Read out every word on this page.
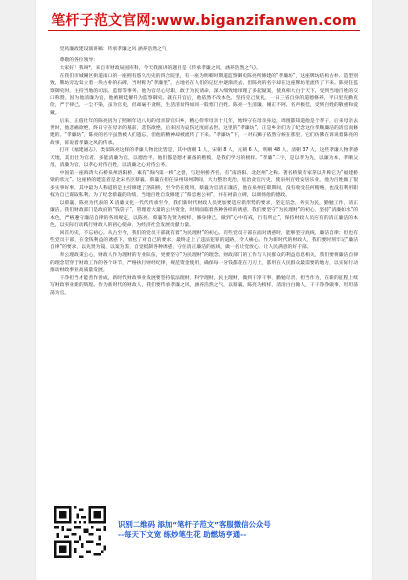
笔杆子范文官网:www.biganzifanwen.com

党风廉政建设演讲稿：传承孝廉之风 涵养浩然之气

尊敬的各位领导：

大家好！我叫*，来自市财政局国库科，今天我演讲的题目是《传承孝廉之风，涵养浩然之气》。

在我们市城阑区街道南口的一座拥有悠久历史的四合院里，有一座为明朝时期道监察御史陈亮所修建的“孝廉坊”，这座牌坊结构古朴、造型别致，牌坊旁边耸立着一块古朴的石碑，当时称为“孝廉里”。古地名在人们的记忆中逐渐淡去，但陈亮的名字却在这座牌坊里流传了下来。陈亮任监察御史时，主持当地的司法、监督等事务，他为官尽心尽职，敢于为民请命，深入细致地审理了多起疑案，使真相大白于天下，受到当地百姓的交口称赞。因为他清廉为官，他被朝廷擢升为监察御史。就在升官后，他依然不改本色，坚持克己复礼，一日三省自身的道德修养，平日里克勤克俭，严于律己，一尘不染，虽为官吏，但却毫不贪赃，生活清贫得如同一般寒门百姓。陈亮一生清廉、刚正不阿，名声极佳，受到百姓的敬重和爱戴。

后来，正值壮年的陈亮因为了照顾年迈八旬的母亲辞官归乡，精心侍奉母亲十几年，始终守在母亲身边，周围都知道他是个孝子，后来母亲去世时，他悲痛欲绝，终日守在母亲的墓前，悲伤欲绝，后来因为哀伤过度而去世。这里的“孝廉坊”，正是乡亲们为了纪念这位孝顺廉洁的清官而修建的。“孝廉坊”，陈亮的名字虽然被人们遗忘，但他的精神却被流传了下来。“孝廉坊”下，一对石狮子依然守候在那里，它们仿佛在诉说着陈亮的故事，诉说着孝廉之风的传承。

打开《福建通志》，类似陈亮这样的孝廉人物比比皆是，其中唐朝 1 人，宋朝 8 人，元朝 6 人，明朝 48 人，清朝 37 人，这些孝廉人物孝感天地，其出仕为官者，多能清廉为官，以德治平。他们都是德才兼备的楷模，是我们学习的榜样。“孝廉”二字，是以孝为先，以廉为本，孝顺父母，清廉为官，以孝心对待百姓，以清廉之心对待公务。

中国第一座海湾大石桥泉州洛阳桥，素有“海内第一桥”之誉，与赵州桥齐名，有“南洛阳、北赵州”之称。著名桥梁专家茅以升称它为“福建桥梁的状元”。这座桥的建造者是北宋名臣蔡襄。蔡襄在担任泉州知州期间，大力整治吏治，惩治贪官污吏，使泉州百姓安居乐业。他为百姓做了很多实事好事，其中最为人称道的是主持修建了洛阳桥，至今仍在使用。蔡襄为官清正廉洁，他在泉州任职期间，没有收受任何贿赂，也没有利用职权为自己谋取私利。为了纪念蔡襄的功绩，当地百姓自发修建了“蔡忠惠公祠”，并在祠前立碑，以颂扬他的德政。

以蔡襄、陈亮为代表的 X 清廉文化一代代传承至今，我们新时代财政人员更加要适应新形势的要求，坚定信念，务实为民，勤勉工作，清正廉洁。我们财政部门是政府的“钱袋子”，管理着大量的公共资金，时刻面临着各种各样的诱惑，我们要坚守“为民理财”的初心，坚持“清廉如水”的本色，严格遵守廉洁自律的各项规定，以陈亮、蔡襄等先贤为榜样，修身律己，做到“心中有戒，行有所止”，保持财政人员应有的清正廉洁的本色，以实际行动践行财政人的初心使命，为经济社会发展贡献力量。

回首历史，不忘初心。从古至今，我们的党员干部就有着“为民理财”的初心。有些党员干部在面对诱惑时，能够坚守底线，廉洁自律；但也有些党员干部，在金钱利益的诱惑下，放松了对自己的要求，最终走上了违法犯罪的道路，令人痛心。作为新时代的财政人，我们要时刻牢记“廉洁自律”的要求，以先贤为镜，以案为鉴，自觉抵制各种诱惑，守住清正廉洁的底线，做一名让党放心、让人民满意的好干部。

奉公理政秉公心，财政人作为理财的专业队伍，更要坚守“为民理财”的理念。财政部门的工作与人民群众的利益息息相关，我们要将廉洁自律的理念贯穿于财政工作的各个环节，严格执行财经纪律，规范资金使用，确保每一分钱都花在刀刃上，都用在人民群众最需要的地方，以实际行动推动财政事业高质量发展。

干净担当才能善作善成，新时代财政事业发展要坚持依法理财、科学理财、民主理财，做到干净干事、勤勉尽责、担当作为，在新的征程上续写财政事业新的辉煌。作为新时代的财政人，我们要传承孝廉之风，涵养浩然之气，以蔡襄、陈亮为榜样，清清白白做人，干干净净做事，坦坦荡荡为官。

识别二维码 添加“笔杆子范文”客服微信公众号
--每天下文宽 练炒笔生花 助燃场亨通--
